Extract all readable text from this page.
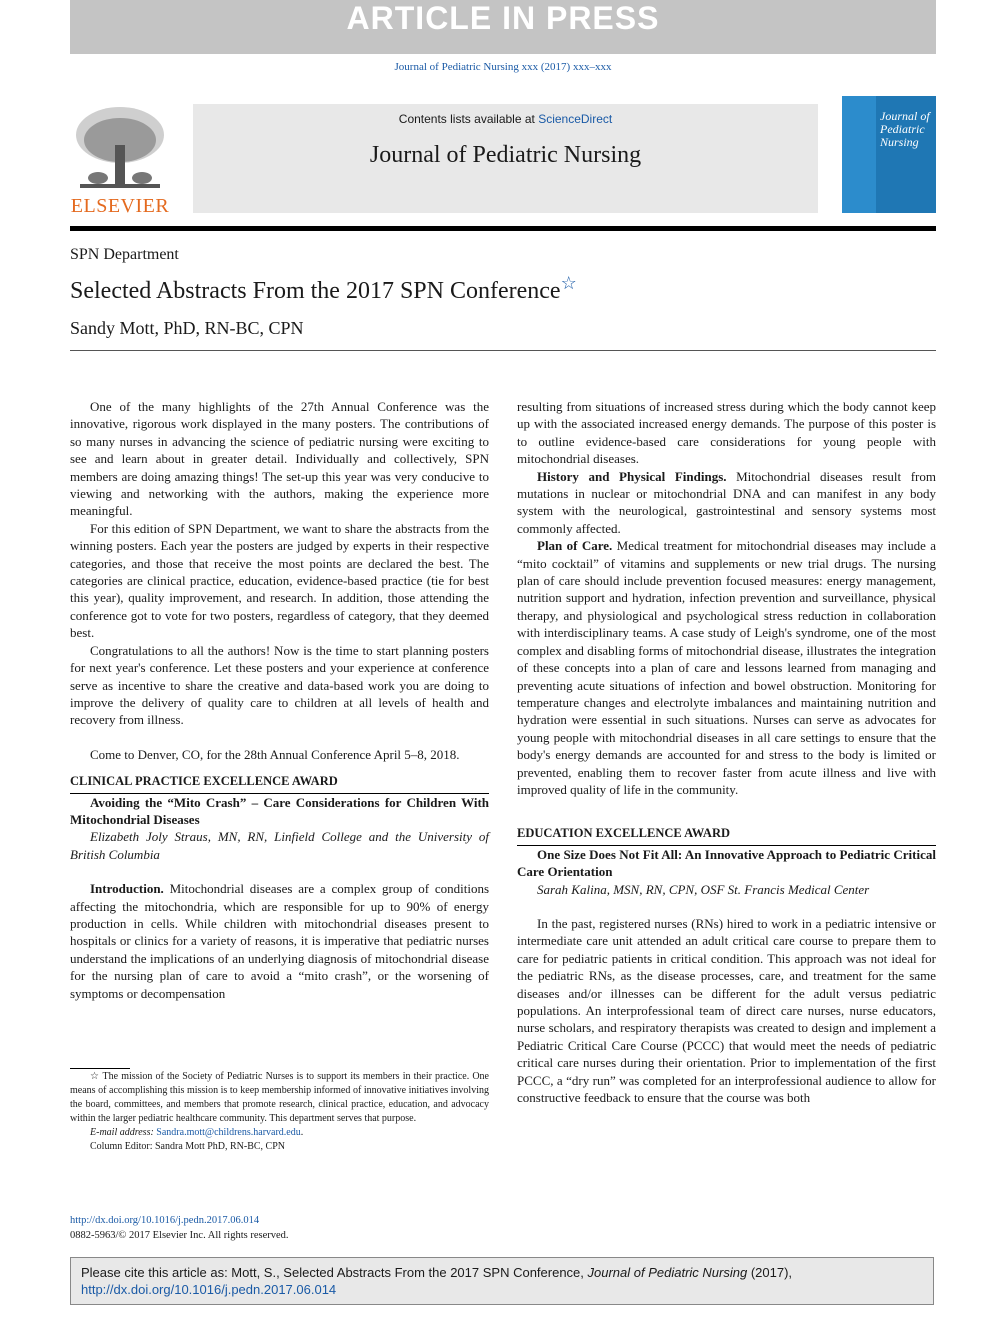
ARTICLE IN PRESS
Journal of Pediatric Nursing xxx (2017) xxx–xxx
ELSEVIER
Contents lists available at ScienceDirect
Journal of Pediatric Nursing
Journal of Pediatric Nursing
SPN Department
Selected Abstracts From the 2017 SPN Conference☆
Sandy Mott, PhD, RN-BC, CPN

One of the many highlights of the 27th Annual Conference was the innovative, rigorous work displayed in the many posters. The contributions of so many nurses in advancing the science of pediatric nursing were exciting to see and learn about in greater detail. Individually and collectively, SPN members are doing amazing things! The set-up this year was very conducive to viewing and networking with the authors, making the experience more meaningful.

For this edition of SPN Department, we want to share the abstracts from the winning posters. Each year the posters are judged by experts in their respective categories, and those that receive the most points are declared the best. The categories are clinical practice, education, evidence-based practice (tie for best this year), quality improvement, and research. In addition, those attending the conference got to vote for two posters, regardless of category, that they deemed best.

Congratulations to all the authors! Now is the time to start planning posters for next year's conference. Let these posters and your experience at conference serve as incentive to share the creative and data-based work you are doing to improve the delivery of quality care to children at all levels of health and recovery from illness.

Come to Denver, CO, for the 28th Annual Conference April 5–8, 2018.

CLINICAL PRACTICE EXCELLENCE AWARD

Avoiding the “Mito Crash” – Care Considerations for Children With Mitochondrial Diseases

Elizabeth Joly Straus, MN, RN, Linfield College and the University of British Columbia

Introduction. Mitochondrial diseases are a complex group of conditions affecting the mitochondria, which are responsible for up to 90% of energy production in cells. While children with mitochondrial diseases present to hospitals or clinics for a variety of reasons, it is imperative that pediatric nurses understand the implications of an underlying diagnosis of mitochondrial disease for the nursing plan of care to avoid a “mito crash”, or the worsening of symptoms or decompensation

☆ The mission of the Society of Pediatric Nurses is to support its members in their practice. One means of accomplishing this mission is to keep membership informed of innovative initiatives involving the board, committees, and members that promote research, clinical practice, education, and advocacy within the larger pediatric healthcare community. This department serves that purpose.

E-mail address: Sandra.mott@childrens.harvard.edu.

Column Editor: Sandra Mott PhD, RN-BC, CPN

http://dx.doi.org/10.1016/j.pedn.2017.06.014
0882-5963/© 2017 Elsevier Inc. All rights reserved.

resulting from situations of increased stress during which the body cannot keep up with the associated increased energy demands. The purpose of this poster is to outline evidence-based care considerations for young people with mitochondrial diseases.

History and Physical Findings. Mitochondrial diseases result from mutations in nuclear or mitochondrial DNA and can manifest in any body system with the neurological, gastrointestinal and sensory systems most commonly affected.

Plan of Care. Medical treatment for mitochondrial diseases may include a “mito cocktail” of vitamins and supplements or new trial drugs. The nursing plan of care should include prevention focused measures: energy management, nutrition support and hydration, infection prevention and surveillance, physical therapy, and physiological and psychological stress reduction in collaboration with interdisciplinary teams. A case study of Leigh's syndrome, one of the most complex and disabling forms of mitochondrial disease, illustrates the integration of these concepts into a plan of care and lessons learned from managing and preventing acute situations of infection and bowel obstruction. Monitoring for temperature changes and electrolyte imbalances and maintaining nutrition and hydration were essential in such situations. Nurses can serve as advocates for young people with mitochondrial diseases in all care settings to ensure that the body's energy demands are accounted for and stress to the body is limited or prevented, enabling them to recover faster from acute illness and live with improved quality of life in the community.

EDUCATION EXCELLENCE AWARD

One Size Does Not Fit All: An Innovative Approach to Pediatric Critical Care Orientation

Sarah Kalina, MSN, RN, CPN, OSF St. Francis Medical Center

In the past, registered nurses (RNs) hired to work in a pediatric intensive or intermediate care unit attended an adult critical care course to prepare them to care for pediatric patients in critical condition. This approach was not ideal for the pediatric RNs, as the disease processes, care, and treatment for the same diseases and/or illnesses can be different for the adult versus pediatric populations. An interprofessional team of direct care nurses, nurse educators, nurse scholars, and respiratory therapists was created to design and implement a Pediatric Critical Care Course (PCCC) that would meet the needs of pediatric critical care nurses during their orientation. Prior to implementation of the first PCCC, a “dry run” was completed for an interprofessional audience to allow for constructive feedback to ensure that the course was both

Please cite this article as: Mott, S., Selected Abstracts From the 2017 SPN Conference, Journal of Pediatric Nursing (2017), http://dx.doi.org/10.1016/j.pedn.2017.06.014
